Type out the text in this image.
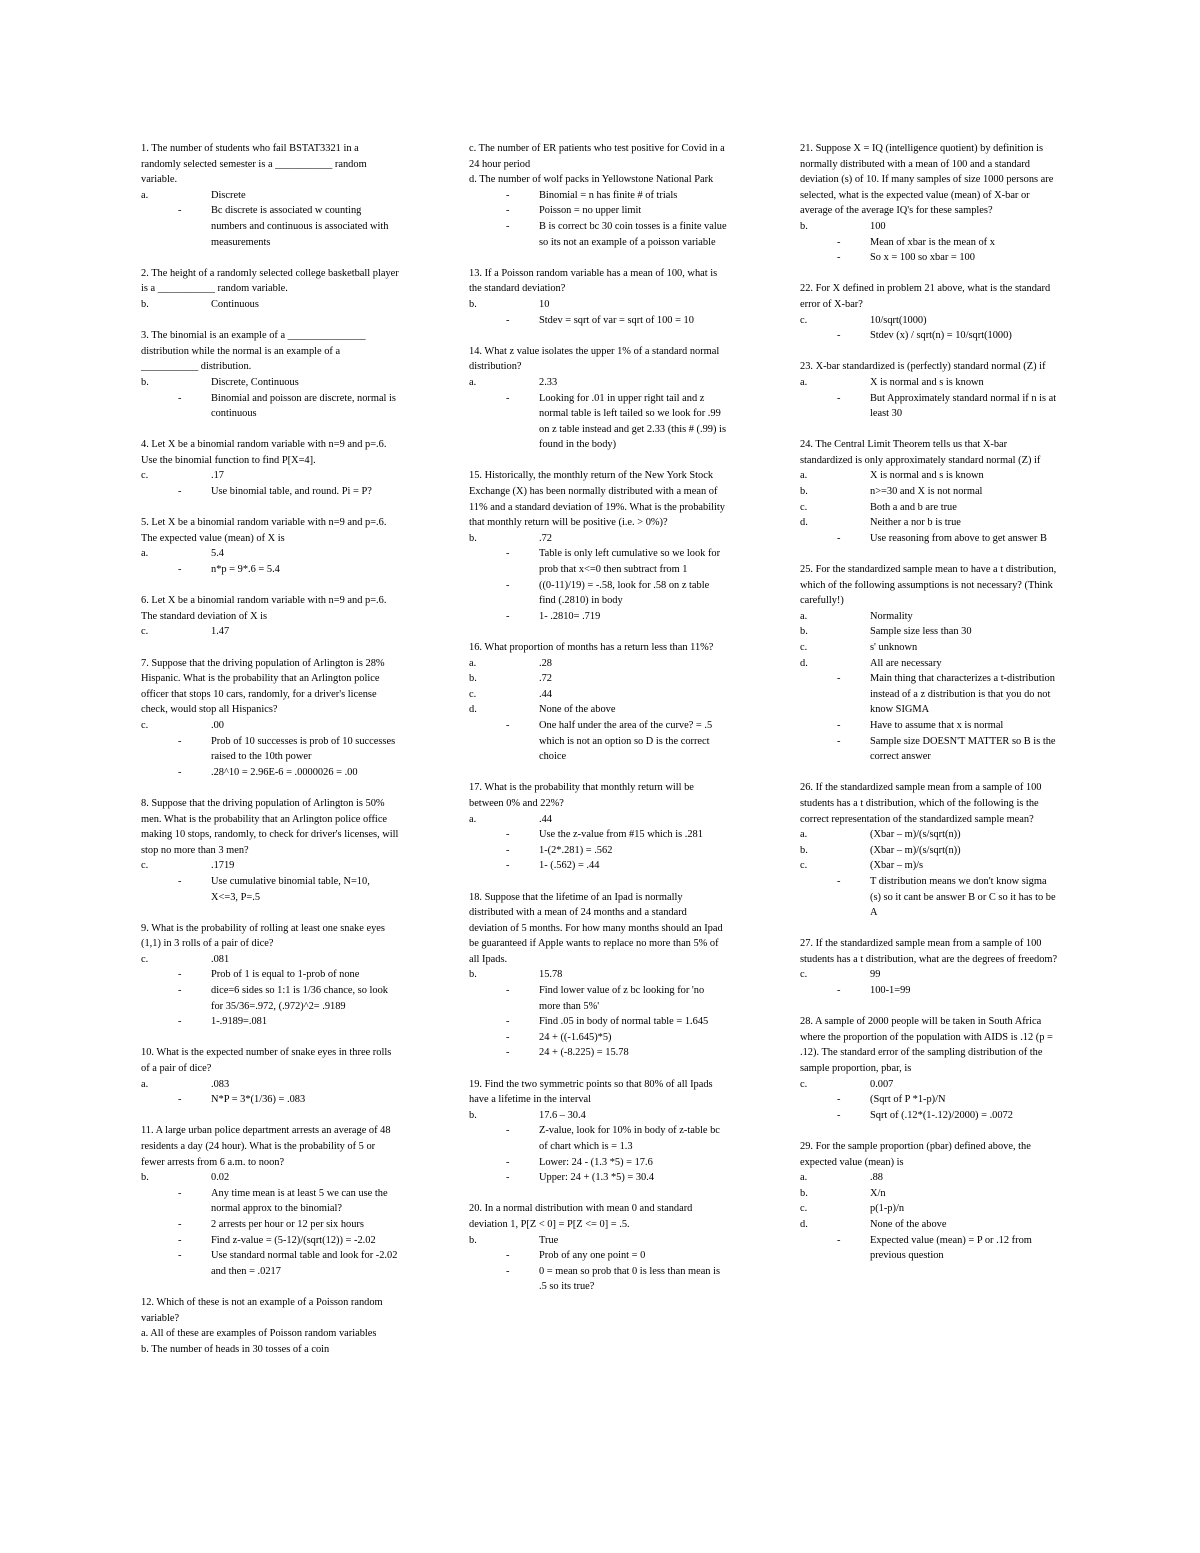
1. The number of students who fail BSTAT3321 in a randomly selected semester is a ___________ random variable.

a.	Discrete
-	Bc discrete is associated w counting numbers and continuous is associated with measurements

2. The height of a randomly selected college basketball player is a ___________ random variable.

b.	Continuous

3. The binomial is an example of a _______________ distribution while the normal is an example of a ___________ distribution.

b.	Discrete, Continuous
-	Binomial and poisson are discrete, normal is continuous

4. Let X be a binomial random variable with n=9 and p=.6. Use the binomial function to find P[X=4].

c.	.17
-	Use binomial table, and round. Pi = P?

5. Let X be a binomial random variable with n=9 and p=.6. The expected value (mean) of X is

a.	5.4
-	n*p = 9*.6 = 5.4

6. Let X be a binomial random variable with n=9 and p=.6. The standard deviation of X is

c.	1.47

7. Suppose that the driving population of Arlington is 28% Hispanic. What is the probability that an Arlington police officer that stops 10 cars, randomly, for a driver's license check, would stop all Hispanics?

c.	.00
-	Prob of 10 successes is prob of 10 successes raised to the 10th power
-	.28^10 = 2.96E-6 = .0000026 = .00

8. Suppose that the driving population of Arlington is 50% men. What is the probability that an Arlington police office making 10 stops, randomly, to check for driver's licenses, will stop no more than 3 men?

c.	.1719
-	Use cumulative binomial table, N=10, X<=3, P=.5

9. What is the probability of rolling at least one snake eyes (1,1) in 3 rolls of a pair of dice?

c.	.081
-	Prob of 1 is equal to 1-prob of none
-	dice=6 sides so 1:1 is 1/36 chance, so look for 35/36=.972, (.972)^2= .9189
-	1-.9189=.081

10. What is the expected number of snake eyes in three rolls of a pair of dice?

a.	.083
-	N*P = 3*(1/36) = .083

11. A large urban police department arrests an average of 48 residents a day (24 hour). What is the probability of 5 or fewer arrests from 6 a.m. to noon?

b.	0.02
-	Any time mean is at least 5 we can use the normal approx to the binomial?
-	2 arrests per hour or 12 per six hours
-	Find z-value = (5-12)/(sqrt(12)) = -2.02
-	Use standard normal table and look for -2.02 and then = .0217

12. Which of these is not an example of a Poisson random variable?

a. All of these are examples of Poisson random variables

b. The number of heads in 30 tosses of a coin

c. The number of ER patients who test positive for Covid in a 24 hour period

d. The number of wolf packs in Yellowstone National Park

-	Binomial = n has finite # of trials
-	Poisson = no upper limit
-	B is correct bc 30 coin tosses is a finite value so its not an example of a poisson variable

13. If a Poisson random variable has a mean of 100, what is the standard deviation?

b.	10
-	Stdev = sqrt of var = sqrt of 100 = 10

14. What z value isolates the upper 1% of a standard normal distribution?

a.	2.33
-	Looking for .01 in upper right tail and z normal table is left tailed so we look for .99 on z table instead and get 2.33 (this # (.99) is found in the body)

15. Historically, the monthly return of the New York Stock Exchange (X) has been normally distributed with a mean of 11% and a standard deviation of 19%. What is the probability that monthly return will be positive (i.e. > 0%)?

b.	.72
-	Table is only left cumulative so we look for prob that x<=0 then subtract from 1
-	((0-11)/19) = -.58, look for .58 on z table find (.2810) in body
-	1- .2810= .719

16. What proportion of months has a return less than 11%?

a.	.28
b.	.72
c.	.44
d.	None of the above
-	One half under the area of the curve? = .5 which is not an option so D is the correct choice

17. What is the probability that monthly return will be between 0% and 22%?

a.	.44
-	Use the z-value from #15 which is .281
-	1-(2*.281) = .562
-	1- (.562) = .44

18. Suppose that the lifetime of an Ipad is normally distributed with a mean of 24 months and a standard deviation of 5 months. For how many months should an Ipad be guaranteed if Apple wants to replace no more than 5% of all Ipads.

b.	15.78
-	Find lower value of z bc looking for 'no more than 5%'
-	Find .05 in body of normal table = 1.645
-	24 + ((-1.645)*5)
-	24 + (-8.225) = 15.78

19. Find the two symmetric points so that 80% of all Ipads have a lifetime in the interval

b.	17.6 – 30.4
-	Z-value, look for 10% in body of z-table bc of chart which is = 1.3
-	Lower: 24 - (1.3 *5) = 17.6
-	Upper: 24 + (1.3 *5) = 30.4

20. In a normal distribution with mean 0 and standard deviation 1, P[Z < 0] = P[Z <= 0] = .5.

b.	True
-	Prob of any one point = 0
-	0 = mean so prob that 0 is less than mean is .5 so its true?

21. Suppose X = IQ (intelligence quotient) by definition is normally distributed with a mean of 100 and a standard deviation (s) of 10. If many samples of size 1000 persons are selected, what is the expected value (mean) of X-bar or average of the average IQ's for these samples?

b.	100
-	Mean of xbar is the mean of x
-	So x = 100 so xbar = 100

22. For X defined in problem 21 above, what is the standard error of X-bar?

c.	10/sqrt(1000)
-	Stdev (x) / sqrt(n) = 10/sqrt(1000)

23. X-bar standardized is (perfectly) standard normal (Z) if

a.	X is normal and s is known
-	But Approximately standard normal if n is at least 30

24. The Central Limit Theorem tells us that X-bar standardized is only approximately standard normal (Z) if

a.	X is normal and s is known
b.	n>=30 and X is not normal
c.	Both a and b are true
d.	Neither a nor b is true
-	Use reasoning from above to get answer B

25. For the standardized sample mean to have a t distribution, which of the following assumptions is not necessary? (Think carefully!)

a.	Normality
b.	Sample size less than 30
c.	s' unknown
d.	All are necessary
-	Main thing that characterizes a t-distribution instead of a z distribution is that you do not know SIGMA
-	Have to assume that x is normal
-	Sample size DOESN'T MATTER so B is the correct answer

26. If the standardized sample mean from a sample of 100 students has a t distribution, which of the following is the correct representation of the standardized sample mean?

a.	(Xbar – m)/(s/sqrt(n))
b.	(Xbar – m)/(s/sqrt(n))
c.	(Xbar – m)/s
-	T distribution means we don't know sigma (s) so it cant be answer B or C so it has to be A

27. If the standardized sample mean from a sample of 100 students has a t distribution, what are the degrees of freedom?

c.	99
-	100-1=99

28. A sample of 2000 people will be taken in South Africa where the proportion of the population with AIDS is .12 (p = .12). The standard error of the sampling distribution of the sample proportion, pbar, is

c.	0.007
-	(Sqrt of P *1-p)/N
-	Sqrt of (.12*(1-.12)/2000) = .0072

29. For the sample proportion (pbar) defined above, the expected value (mean) is

a.	.88
b.	X/n
c.	p(1-p)/n
d.	None of the above
-	Expected value (mean) = P or .12 from previous question
